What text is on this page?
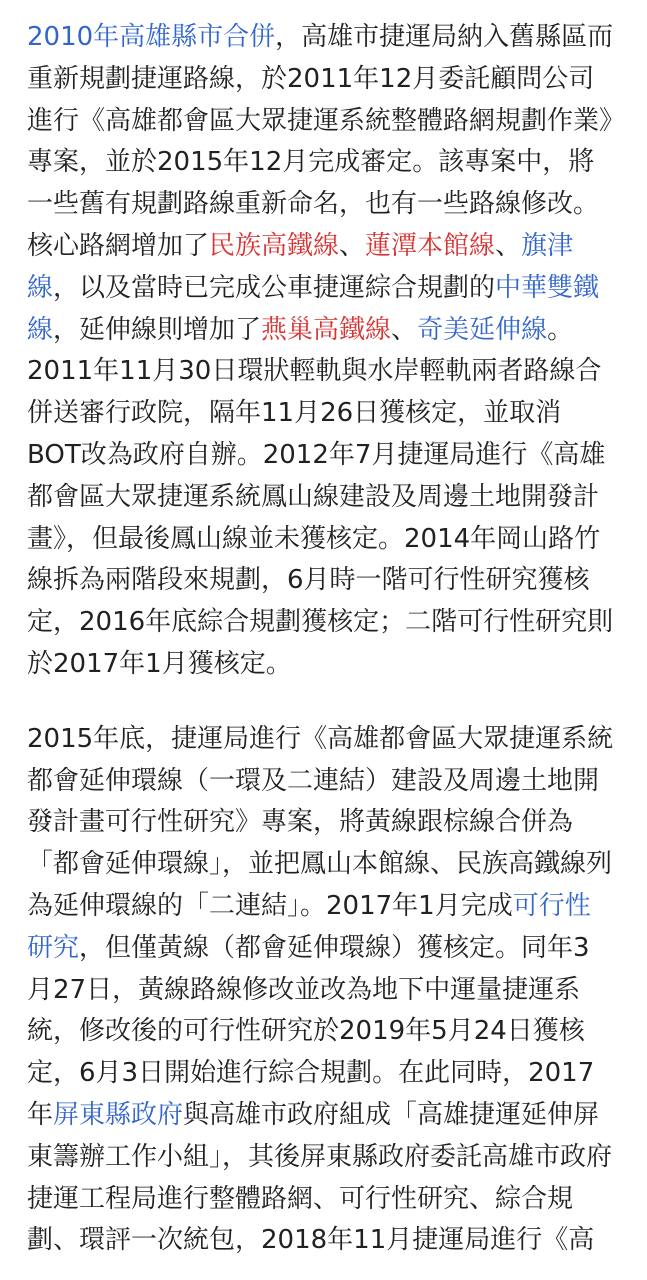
2010年高雄縣市合併，高雄市捷運局納入舊縣區而
重新規劃捷運路線，於2011年12月委託顧問公司
進行《高雄都會區大眾捷運系統整體路網規劃作業》
專案，並於2015年12月完成審定。該專案中，將
一些舊有規劃路線重新命名，也有一些路線修改。
核心路網增加了民族高鐵線、蓮潭本館線、旗津
線，以及當時已完成公車捷運綜合規劃的中華雙鐵
線，延伸線則增加了燕巢高鐵線、奇美延伸線。
2011年11月30日環狀輕軌與水岸輕軌兩者路線合
併送審行政院，隔年11月26日獲核定，並取消
BOT改為政府自辦。2012年7月捷運局進行《高雄
都會區大眾捷運系統鳳山線建設及周邊土地開發計
畫》，但最後鳳山線並未獲核定。2014年岡山路竹
線拆為兩階段來規劃，6月時一階可行性研究獲核
定，2016年底綜合規劃獲核定；二階可行性研究則
於2017年1月獲核定。

2015年底，捷運局進行《高雄都會區大眾捷運系統
都會延伸環線（一環及二連結）建設及周邊土地開
發計畫可行性研究》專案，將黃線跟棕線合併為
「都會延伸環線」，並把鳳山本館線、民族高鐵線列
為延伸環線的「二連結」。2017年1月完成可行性
研究，但僅黃線（都會延伸環線）獲核定。同年3
月27日，黃線路線修改並改為地下中運量捷運系
統，修改後的可行性研究於2019年5月24日獲核
定，6月3日開始進行綜合規劃。在此同時，2017
年屏東縣政府與高雄市政府組成「高雄捷運延伸屏
東籌辦工作小組」，其後屏東縣政府委託高雄市政府
捷運工程局進行整體路網、可行性研究、綜合規
劃、環評一次統包，2018年11月捷運局進行《高
